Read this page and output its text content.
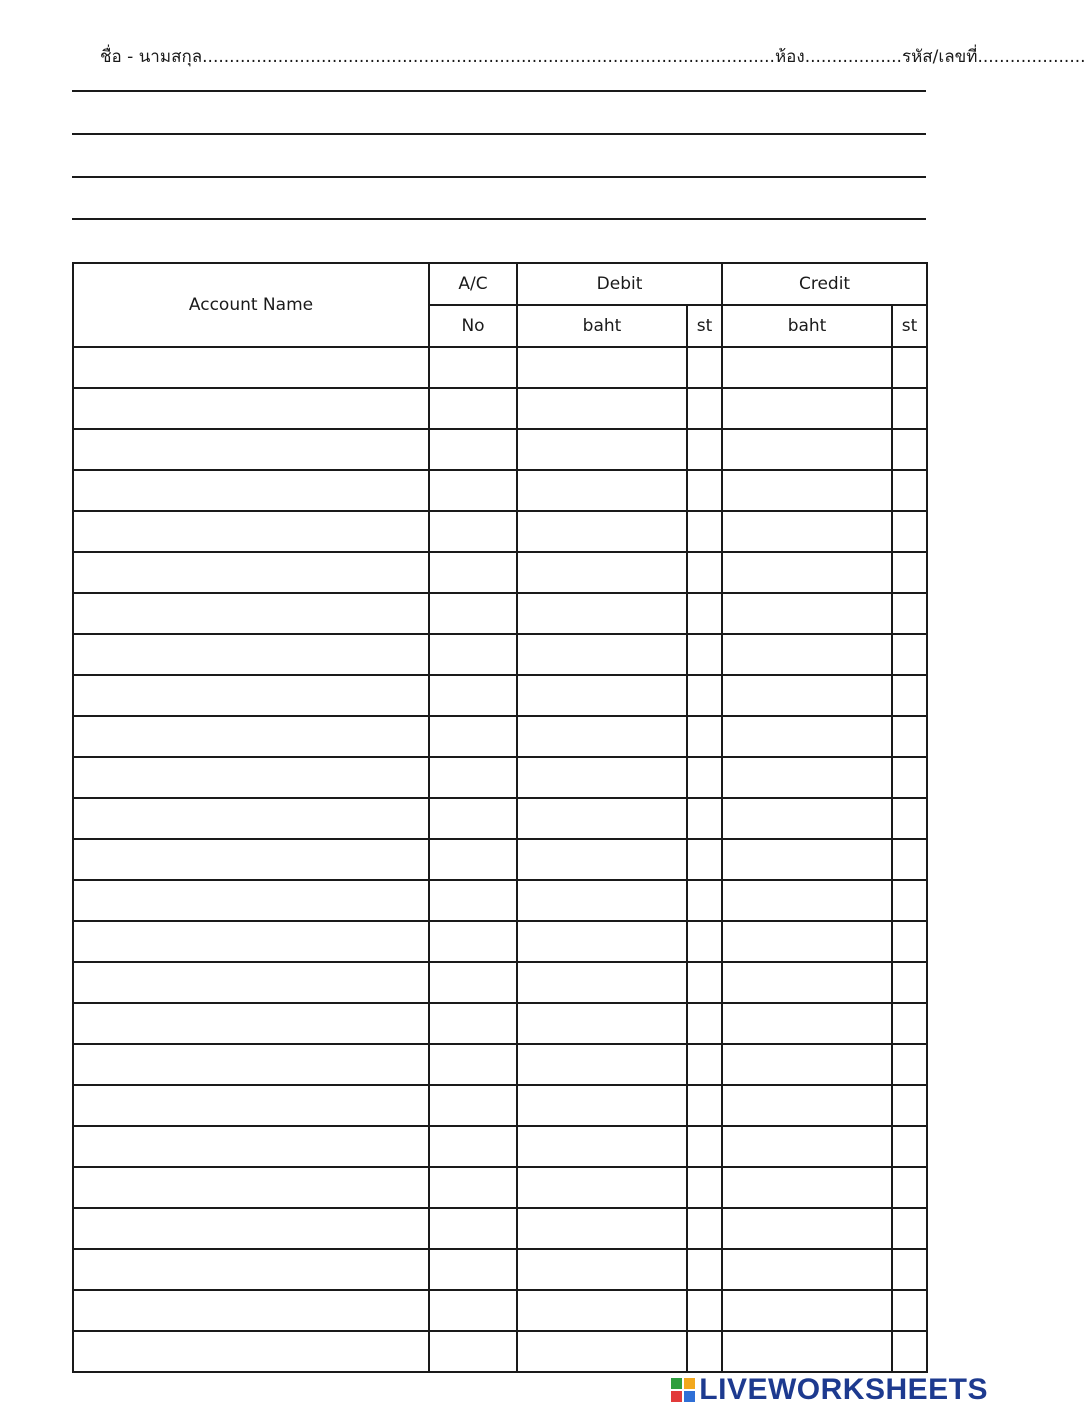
ชื่อ - นามสกุล..........................................................................................................ห้อง..................รหัส/เลขที่....................
Account Name	A/C	Debit		Credit	
	No	baht	st	baht	st

LIVEWORKSHEETS
